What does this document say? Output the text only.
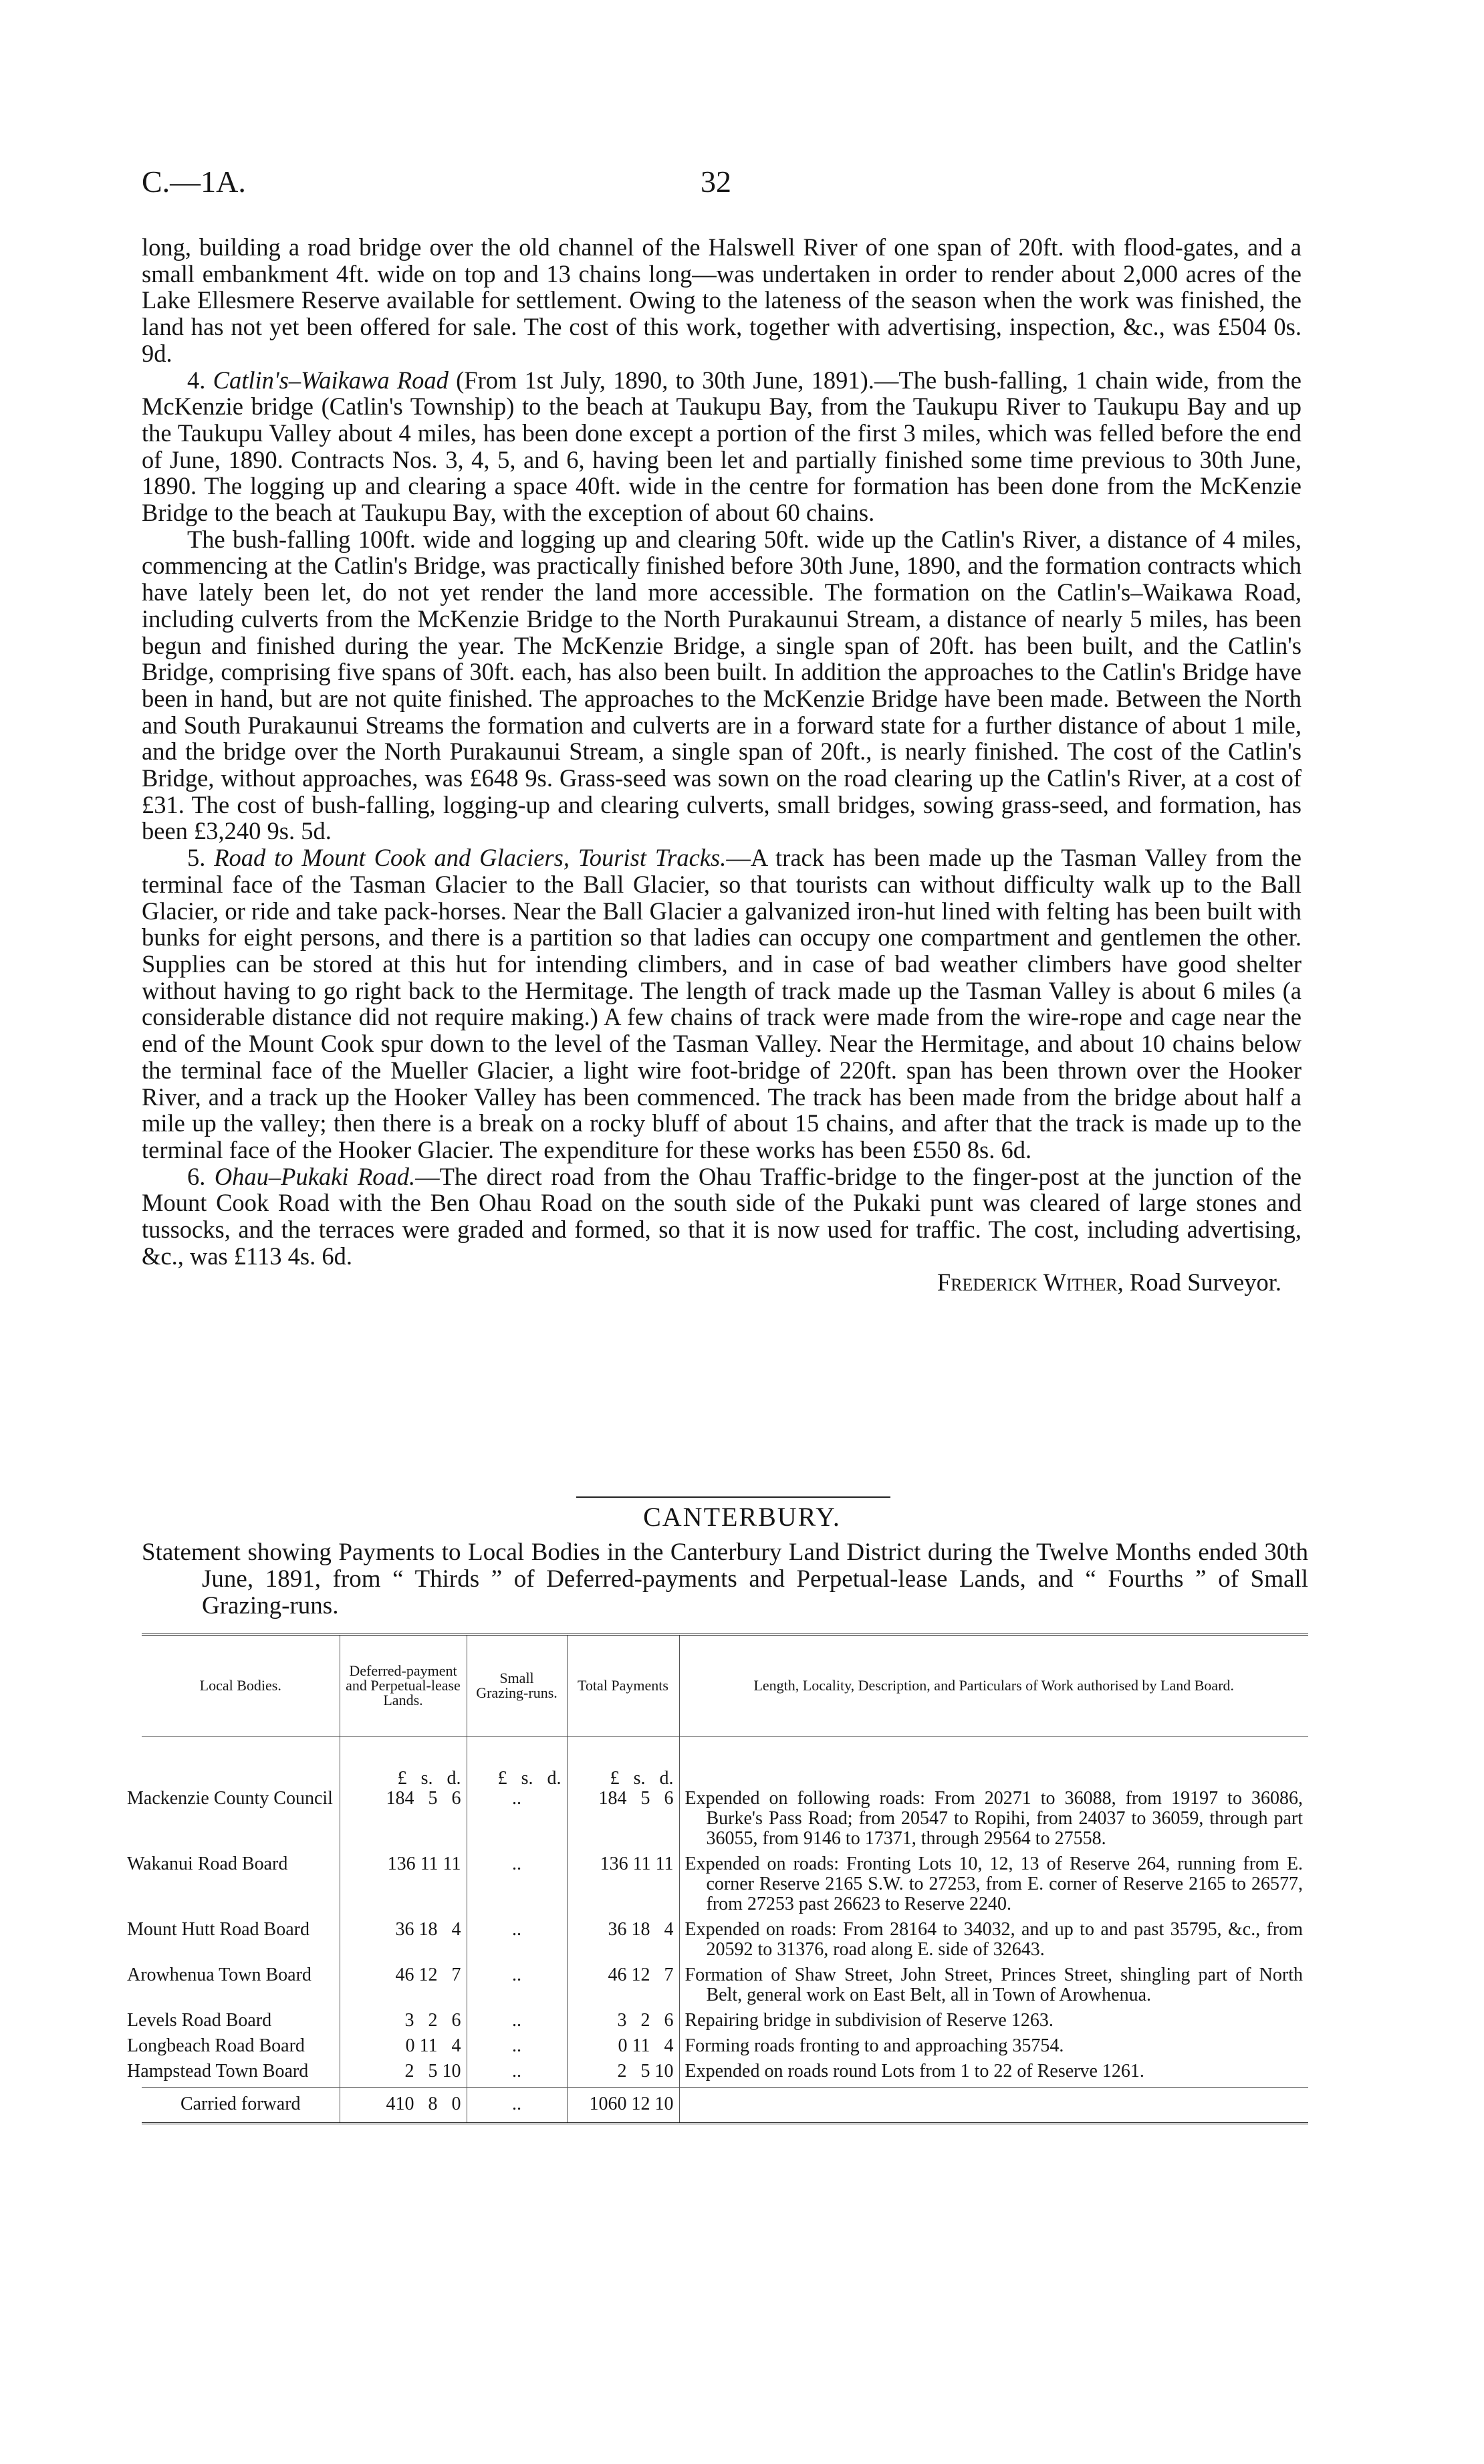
C.—1A.	32

long, building a road bridge over the old channel of the Halswell River of one span of 20ft. with flood-gates, and a small embankment 4ft. wide on top and 13 chains long—was undertaken in order to render about 2,000 acres of the Lake Ellesmere Reserve available for settlement. Owing to the lateness of the season when the work was finished, the land has not yet been offered for sale. The cost of this work, together with advertising, inspection, &c., was £504 0s. 9d.

4. Catlin's–Waikawa Road (From 1st July, 1890, to 30th June, 1891).—The bush-falling, 1 chain wide, from the McKenzie bridge (Catlin's Township) to the beach at Taukupu Bay, from the Taukupu River to Taukupu Bay and up the Taukupu Valley about 4 miles, has been done except a portion of the first 3 miles, which was felled before the end of June, 1890. Contracts Nos. 3, 4, 5, and 6, having been let and partially finished some time previous to 30th June, 1890. The logging up and clearing a space 40ft. wide in the centre for formation has been done from the McKenzie Bridge to the beach at Taukupu Bay, with the exception of about 60 chains.

The bush-falling 100ft. wide and logging up and clearing 50ft. wide up the Catlin's River, a distance of 4 miles, commencing at the Catlin's Bridge, was practically finished before 30th June, 1890, and the formation contracts which have lately been let, do not yet render the land more accessible. The formation on the Catlin's–Waikawa Road, including culverts from the McKenzie Bridge to the North Purakaunui Stream, a distance of nearly 5 miles, has been begun and finished during the year. The McKenzie Bridge, a single span of 20ft. has been built, and the Catlin's Bridge, comprising five spans of 30ft. each, has also been built. In addition the approaches to the Catlin's Bridge have been in hand, but are not quite finished. The approaches to the McKenzie Bridge have been made. Between the North and South Purakaunui Streams the formation and culverts are in a forward state for a further distance of about 1 mile, and the bridge over the North Purakaunui Stream, a single span of 20ft., is nearly finished. The cost of the Catlin's Bridge, without approaches, was £648 9s. Grass-seed was sown on the road clearing up the Catlin's River, at a cost of £31. The cost of bush-falling, logging-up and clearing culverts, small bridges, sowing grass-seed, and formation, has been £3,240 9s. 5d.

5. Road to Mount Cook and Glaciers, Tourist Tracks.—A track has been made up the Tasman Valley from the terminal face of the Tasman Glacier to the Ball Glacier, so that tourists can without difficulty walk up to the Ball Glacier, or ride and take pack-horses. Near the Ball Glacier a galvanized iron-hut lined with felting has been built with bunks for eight persons, and there is a partition so that ladies can occupy one compartment and gentlemen the other. Supplies can be stored at this hut for intending climbers, and in case of bad weather climbers have good shelter without having to go right back to the Hermitage. The length of track made up the Tasman Valley is about 6 miles (a considerable distance did not require making.) A few chains of track were made from the wire-rope and cage near the end of the Mount Cook spur down to the level of the Tasman Valley. Near the Hermitage, and about 10 chains below the terminal face of the Mueller Glacier, a light wire foot-bridge of 220ft. span has been thrown over the Hooker River, and a track up the Hooker Valley has been commenced. The track has been made from the bridge about half a mile up the valley; then there is a break on a rocky bluff of about 15 chains, and after that the track is made up to the terminal face of the Hooker Glacier. The expenditure for these works has been £550 8s. 6d.

6. Ohau–Pukaki Road.—The direct road from the Ohau Traffic-bridge to the finger-post at the junction of the Mount Cook Road with the Ben Ohau Road on the south side of the Pukaki punt was cleared of large stones and tussocks, and the terraces were graded and formed, so that it is now used for traffic. The cost, including advertising, &c., was £113 4s. 6d.

Frederick Wither, Road Surveyor.

CANTERBURY.
Statement showing Payments to Local Bodies in the Canterbury Land District during the Twelve Months ended 30th June, 1891, from “ Thirds ” of Deferred-payments and Perpetual-lease Lands, and “ Fourths ” of Small Grazing-runs.
Local Bodies.	Deferred-payment and Perpetual-lease Lands.	Small Grazing-runs.	Total Payments	Length, Locality, Description, and Particulars of Work authorised by Land Board.
	£   s.   d.	£   s.   d.	£   s.   d.	
Mackenzie County Council	184   5   6	..	184   5   6	Expended on following roads: From 20271 to 36088, from 19197 to 36086, Burke's Pass Road; from 20547 to Ropihi, from 24037 to 36059, through part 36055, from 9146 to 17371, through 29564 to 27558.
Wakanui Road Board	136 11 11	..	136 11 11	Expended on roads: Fronting Lots 10, 12, 13 of Reserve 264, running from E. corner Reserve 2165 S.W. to 27253, from E. corner of Reserve 2165 to 26577, from 27253 past 26623 to Reserve 2240.
Mount Hutt Road Board	36 18   4	..	36 18   4	Expended on roads: From 28164 to 34032, and up to and past 35795, &c., from 20592 to 31376, road along E. side of 32643.
Arowhenua Town Board	46 12   7	..	46 12   7	Formation of Shaw Street, John Street, Princes Street, shingling part of North Belt, general work on East Belt, all in Town of Arowhenua.
Levels Road Board	3   2   6	..	3   2   6	Repairing bridge in subdivision of Reserve 1263.
Longbeach Road Board	0 11   4	..	0 11   4	Forming roads fronting to and approaching 35754.
Hampstead Town Board	2   5 10	..	2   5 10	Expended on roads round Lots from 1 to 22 of Reserve 1261.
Carried forward	410   8   0	..	1060 12 10	
